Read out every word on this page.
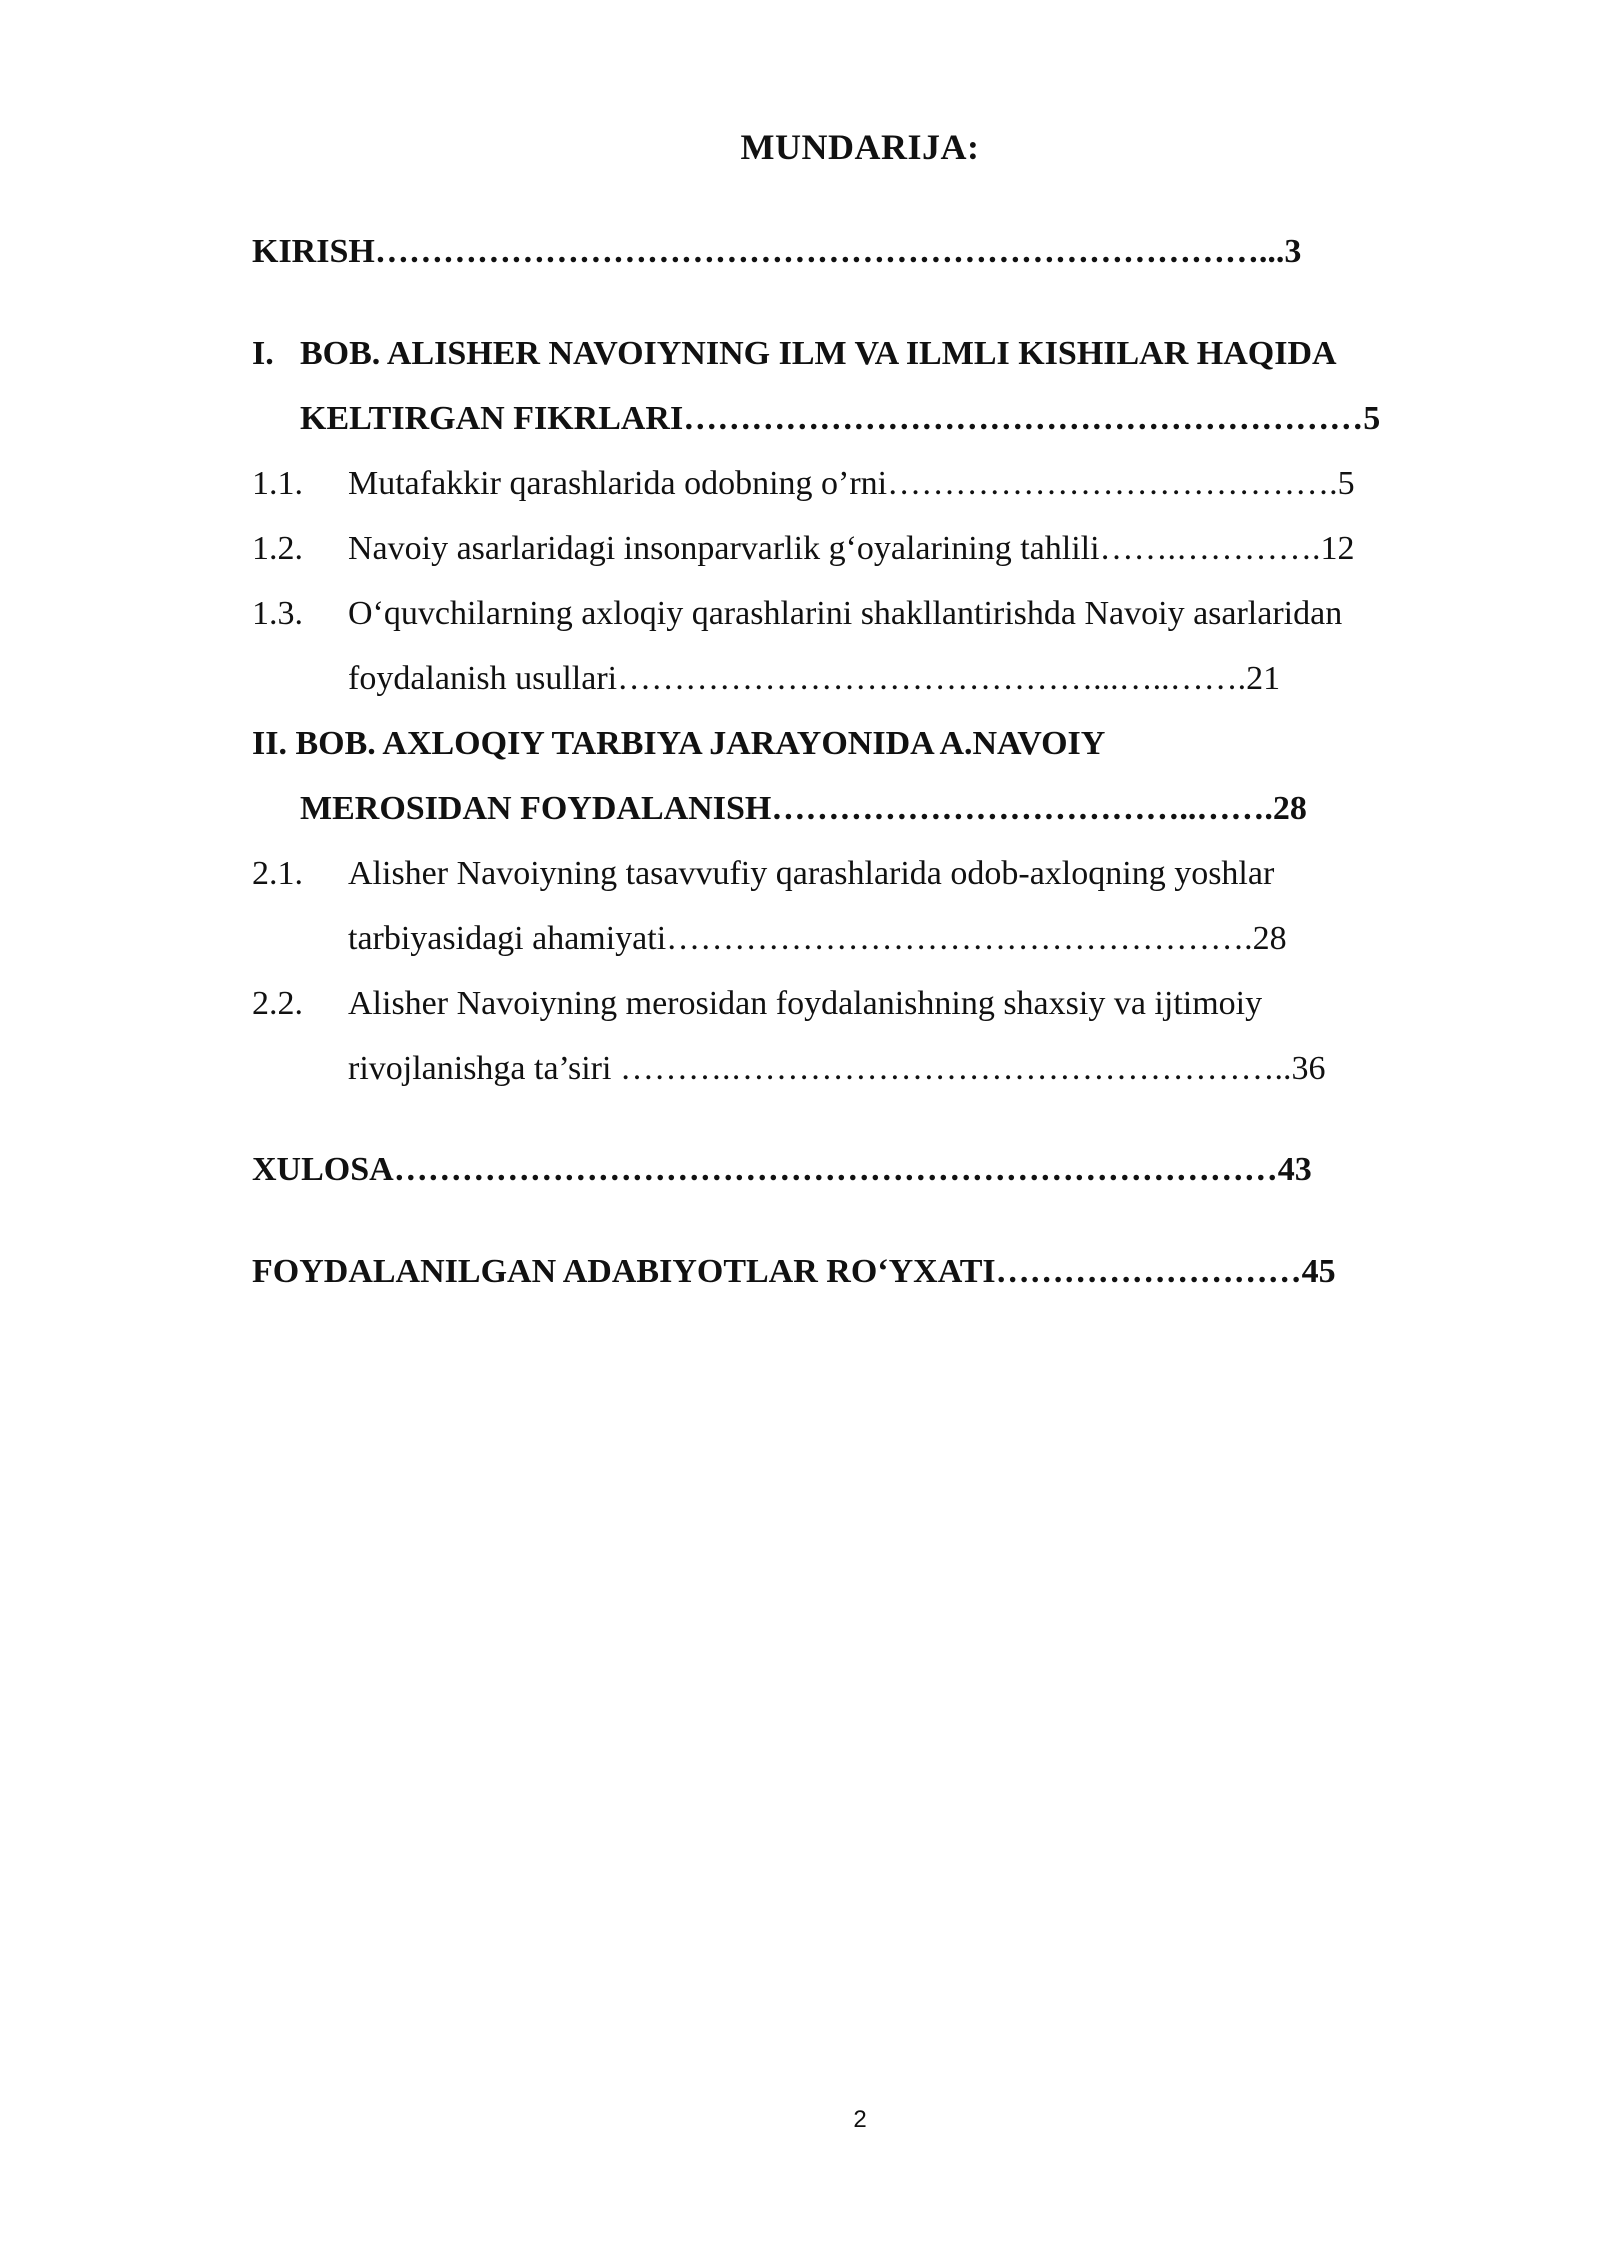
MUNDARIJA:
KIRISH……………………………………………………………………...3
I. BOB. ALISHER NAVOIYNING ILM VA ILMLI KISHILAR HAQIDA
KELTIRGAN FIKRLARI……………………………………………………5
1.1. Mutafakkir qarashlarida odobning o’rni………………………………….5
1.2. Navoiy asarlaridagi insonparvarlik g‘oyalarining tahlili…….………….12
1.3. O‘quvchilarning axloqiy qarashlarini shakllantirishda Navoiy asarlaridan
foydalanish usullari……………………………………...…..…….21
II. BOB. AXLOQIY TARBIYA JARAYONIDA A.NAVOIY
MEROSIDAN FOYDALANISH………………………………..…….28
2.1. Alisher Navoiyning tasavvufiy qarashlarida odob-axloqning yoshlar
tarbiyasidagi ahamiyati…………………………………………….28
2.2. Alisher Navoiyning merosidan foydalanishning shaxsiy va ijtimoiy
rivojlanishga ta’siri ……….…………………………………………..36
XULOSA……………………………………………………………………43
FOYDALANILGAN ADABIYOTLAR RO‘YXATI………………………45
2
